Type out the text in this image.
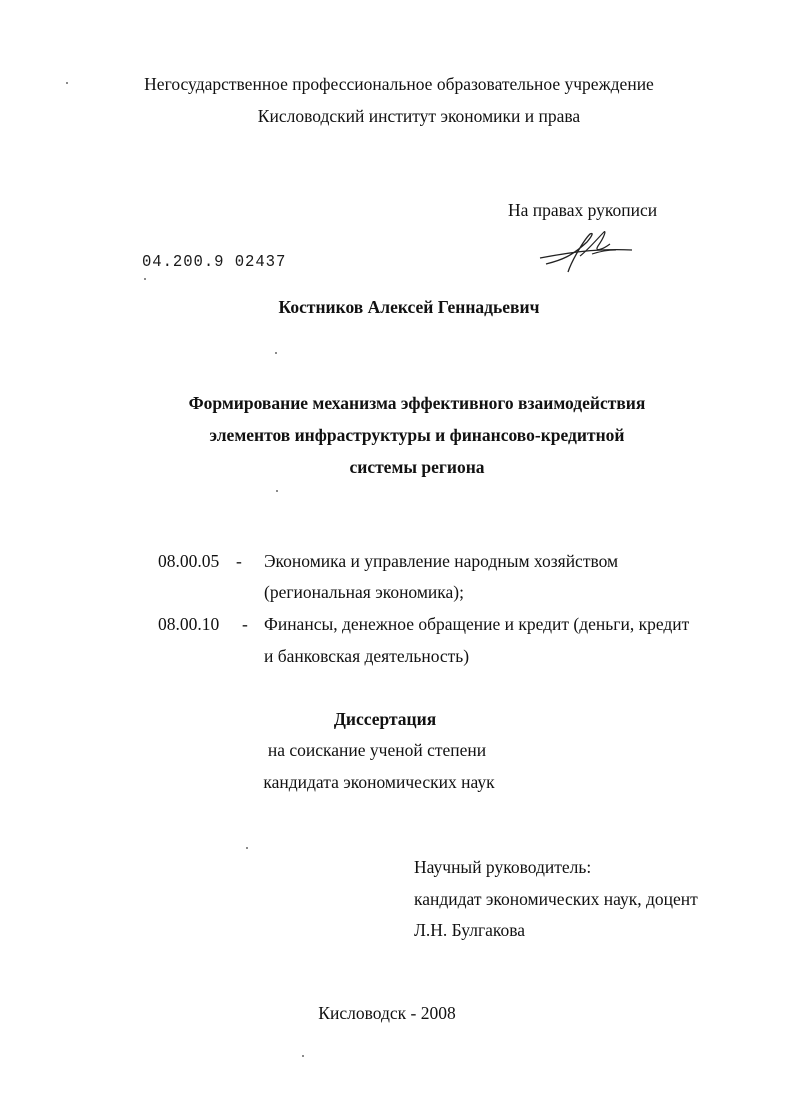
Негосударственное профессиональное образовательное учреждение
Кисловодский институт экономики и права
На правах рукописи
04.200.9 02437
Костников Алексей Геннадьевич
Формирование механизма эффективного взаимодействия
элементов инфраструктуры и финансово-кредитной
системы региона
08.00.05 - Экономика и управление народным хозяйством
(региональная экономика);
08.00.10 - Финансы, денежное обращение и кредит (деньги, кредит
и банковская деятельность)
Диссертация
на соискание ученой степени
кандидата экономических наук
Научный руководитель:
кандидат экономических наук, доцент
Л.Н. Булгакова
Кисловодск - 2008
